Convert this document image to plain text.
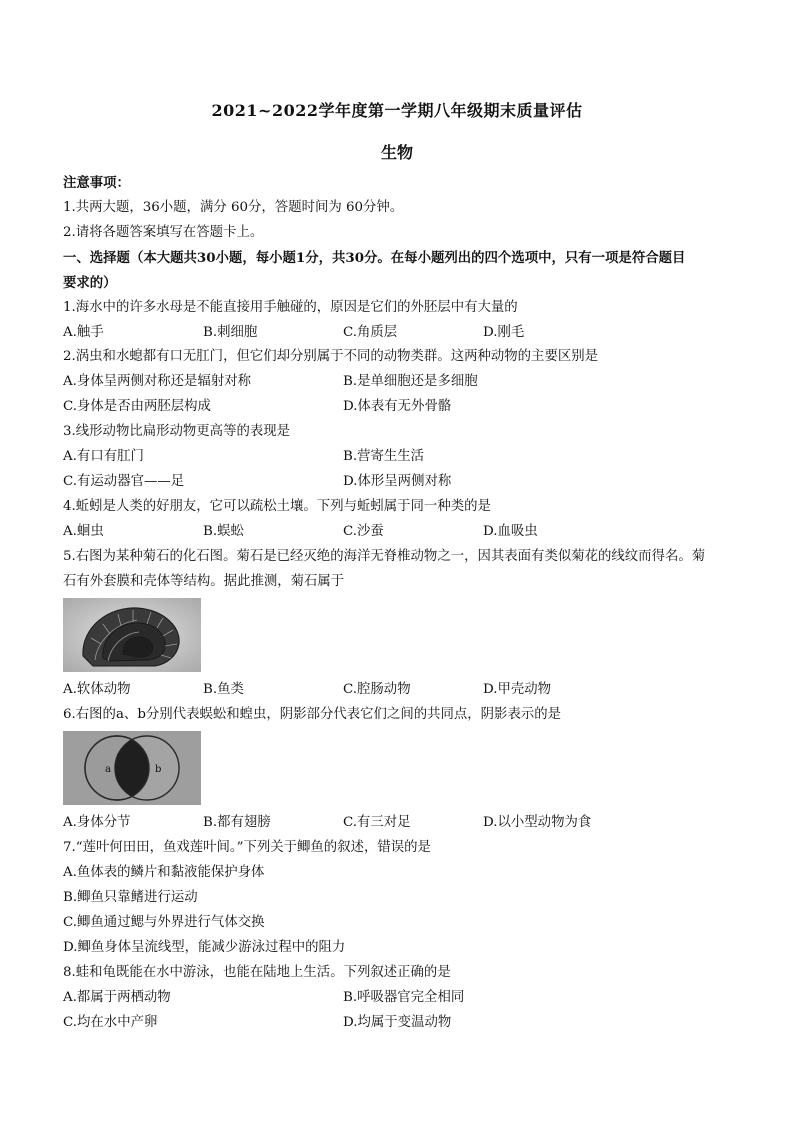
2021~2022学年度第一学期八年级期末质量评估
生物
注意事项：
1.共两大题，36小题，满分 60分，答题时间为 60分钟。
2.请将各题答案填写在答题卡上。
一、选择题（本大题共30小题，每小题1分，共30分。在每小题列出的四个选项中，只有一项是符合题目
要求的）
1.海水中的许多水母是不能直接用手触碰的，原因是它们的外胚层中有大量的
A.触手	B.刺细胞	C.角质层	D.刚毛
2.涡虫和水螅都有口无肛门，但它们却分别属于不同的动物类群。这两种动物的主要区别是
A.身体呈两侧对称还是辐射对称	B.是单细胞还是多细胞
C.身体是否由两胚层构成	D.体表有无外骨骼
3.线形动物比扁形动物更高等的表现是
A.有口有肛门	B.营寄生生活
C.有运动器官——足	D.体形呈两侧对称
4.蚯蚓是人类的好朋友，它可以疏松土壤。下列与蚯蚓属于同一种类的是
A.蛔虫	B.蜈蚣	C.沙蚕	D.血吸虫
5.右图为某种菊石的化石图。菊石是已经灭绝的海洋无脊椎动物之一，因其表面有类似菊花的线纹而得名。菊
石有外套膜和壳体等结构。据此推测，菊石属于
A.软体动物	B.鱼类	C.腔肠动物	D.甲壳动物
6.右图的a、b分别代表蜈蚣和蝗虫，阴影部分代表它们之间的共同点，阴影表示的是
a	b
A.身体分节	B.都有翅膀	C.有三对足	D.以小型动物为食
7.“莲叶何田田，鱼戏莲叶间。”下列关于鲫鱼的叙述，错误的是
A.鱼体表的鳞片和黏液能保护身体
B.鲫鱼只靠鳍进行运动
C.鲫鱼通过鳃与外界进行气体交换
D.鲫鱼身体呈流线型，能减少游泳过程中的阻力
8.蛙和龟既能在水中游泳，也能在陆地上生活。下列叙述正确的是
A.都属于两栖动物	B.呼吸器官完全相同
C.均在水中产卵	D.均属于变温动物
